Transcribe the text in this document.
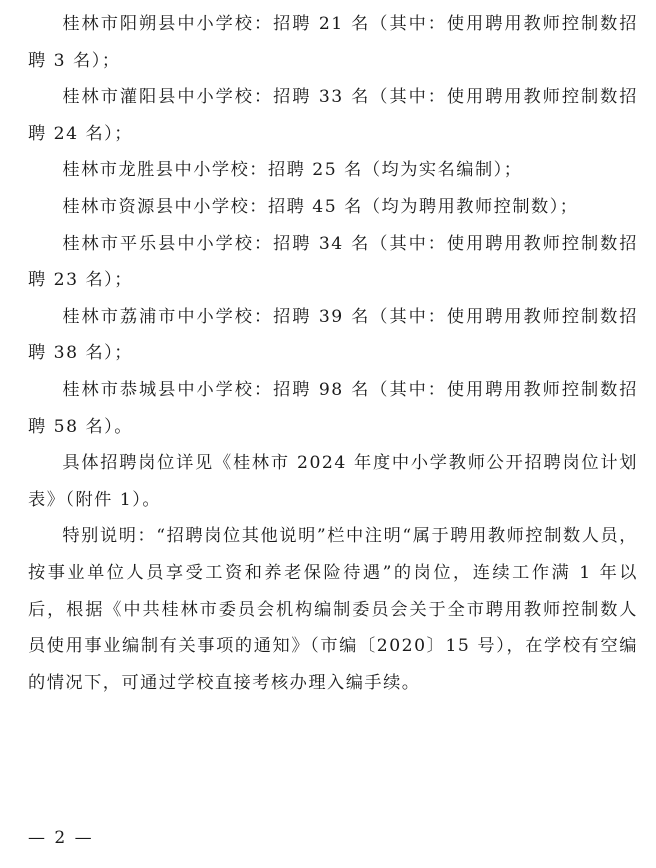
桂林市阳朔县中小学校：招聘 21 名（其中：使用聘用教师控制数招聘 3 名）；

桂林市灌阳县中小学校：招聘 33 名（其中：使用聘用教师控制数招聘 24 名）；

桂林市龙胜县中小学校：招聘 25 名（均为实名编制）；

桂林市资源县中小学校：招聘 45 名（均为聘用教师控制数）；

桂林市平乐县中小学校：招聘 34 名（其中：使用聘用教师控制数招聘 23 名）；

桂林市荔浦市中小学校：招聘 39 名（其中：使用聘用教师控制数招聘 38 名）；

桂林市恭城县中小学校：招聘 98 名（其中：使用聘用教师控制数招聘 58 名）。

具体招聘岗位详见《桂林市 2024 年度中小学教师公开招聘岗位计划表》（附件 1）。

特别说明：“招聘岗位其他说明”栏中注明“属于聘用教师控制数人员，按事业单位人员享受工资和养老保险待遇”的岗位，连续工作满 1 年以后，根据《中共桂林市委员会机构编制委员会关于全市聘用教师控制数人员使用事业编制有关事项的通知》（市编〔2020〕15 号），在学校有空编的情况下，可通过学校直接考核办理入编手续。

— 2 —
